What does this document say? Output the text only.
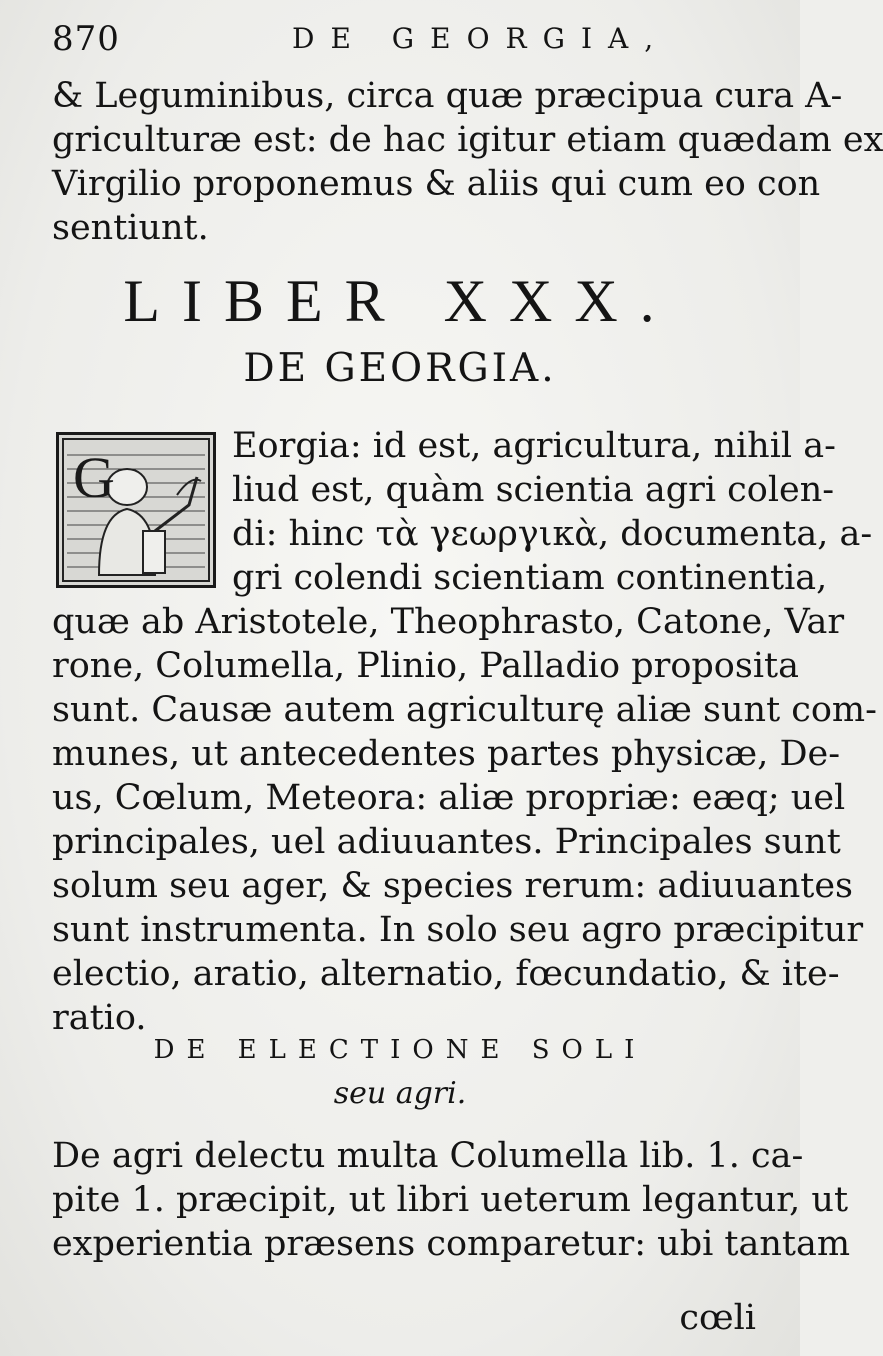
870	DE GEORGIA,
& Leguminibus, circa quæ præcipua cura A-
griculturæ est: de hac igitur etiam quædam ex
Virgilio proponemus & aliis qui cum eo con
sentiunt.
LIBER XXX.
DE GEORGIA.
G	Eorgia: id est, agricultura, nihil a-
liud est, quàm scientia agri colen-
di: hinc τὰ γεωργικὰ, documenta, a-
gri colendi scientiam continentia,
quæ ab Aristotele, Theophrasto, Catone, Var
rone, Columella, Plinio, Palladio proposita
sunt. Causæ autem agriculturę aliæ sunt com-
munes, ut antecedentes partes physicæ, De-
us, Cœlum, Meteora: aliæ propriæ: eæq; uel
principales, uel adiuuantes. Principales sunt
solum seu ager, & species rerum: adiuuantes
sunt instrumenta. In solo seu agro præcipitur
electio, aratio, alternatio, fœcundatio, & ite-
ratio.
DE ELECTIONE SOLI
seu agri.
De agri delectu multa Columella lib. 1. ca-
pite 1. præcipit, ut libri ueterum legantur, ut
experientia præsens comparetur: ubi tantam
cœli
